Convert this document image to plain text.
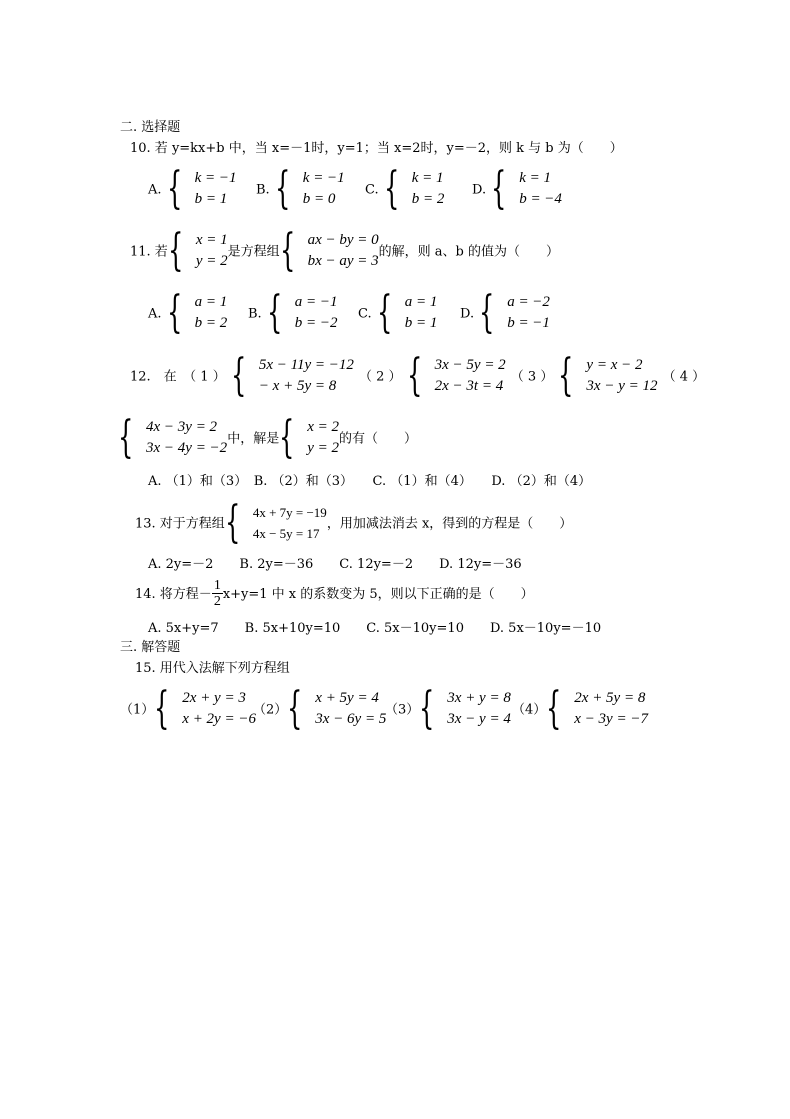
二. 选择题
10. 若 y=kx+b 中，当 x=－1时，y=1；当 x=2时，y=－2，则 k 与 b 为（　　）
A. { k = −1
b = 1
B. { k = −1
b = 0
C. { k = 1
b = 2
D. { k = 1
b = −4
11. 若 { x = 1
y = 2
是方程组 { ax − by = 0
bx − ay = 3
的解，则 a、b 的值为（　　）
A. { a = 1
b = 2
B. { a = −1
b = −2
C. { a = 1
b = 1
D. { a = −2
b = −1
12.　在　（ 1 ） { 5x − 11y = −12
− x + 5y = 8
（ 2 ） { 3x − 5y = 2
2x − 3t = 4
（ 3 ） { y = x − 2
3x − y = 12
（ 4 ）
{ 4x − 3y = 2
3x − 4y = −2
中，解是 { x = 2
y = 2
的有（　　）
A. （1）和（3）　B. （2）和（3）　　C. （1）和（4）　　D. （2）和（4）
13. 对于方程组 { 4x + 7y = −19
4x − 5y = 17
，用加减法消去 x，得到的方程是（　　）
A. 2y=－2　　B. 2y=－36　　C. 12y=－2　　D. 12y=－36
14. 将方程－ $\frac{1}{2} x+y=1$ 中 x 的系数变为 5，则以下正确的是（　　）
A. 5x+y=7　　B. 5x+10y=10　　C. 5x－10y=10　　D. 5x－10y=－10
三. 解答题
15. 用代入法解下列方程组
（1） { 2x + y = 3
x + 2y = −6
（2） { x + 5y = 4
3x − 6y = 5
（3） { 3x + y = 8
3x − y = 4
（4） { 2x + 5y = 8
x − 3y = −7
